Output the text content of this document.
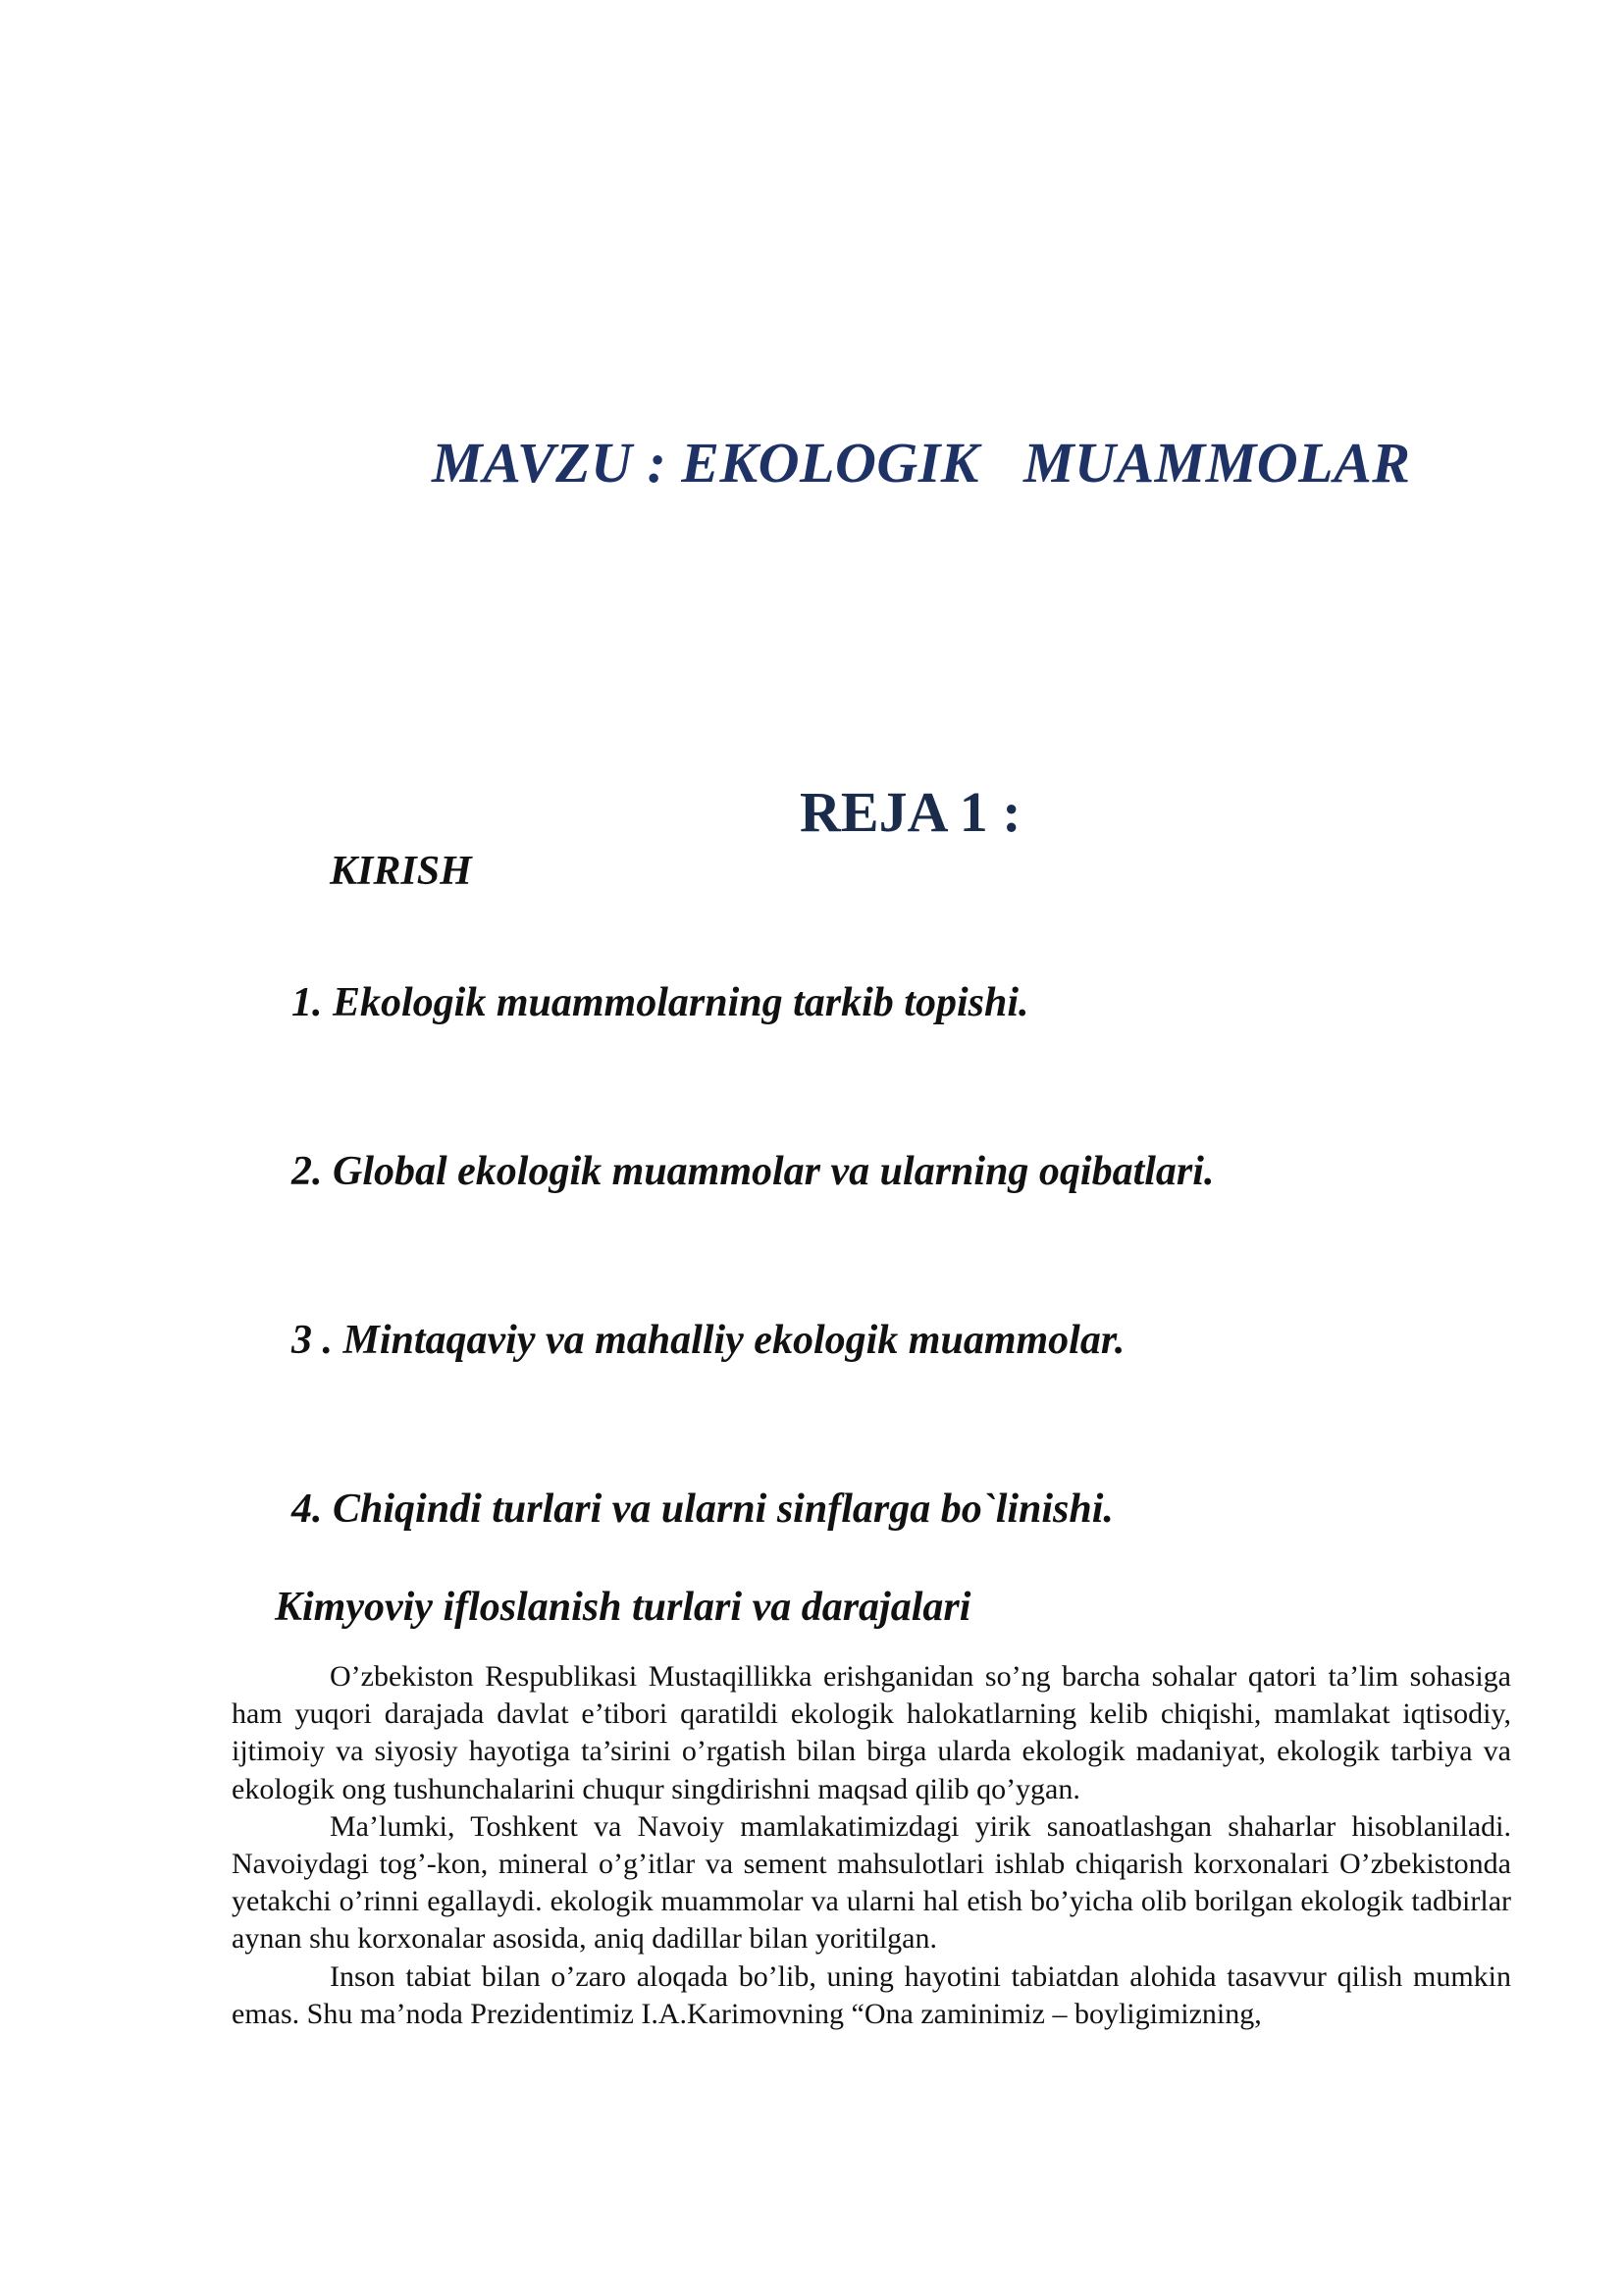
MAVZU : EKOLOGIK   MUAMMOLAR
REJA 1 :
KIRISH

1. Ekologik muammolarning tarkib topishi.

2. Global ekologik muammolar va ularning oqibatlari.

3 . Mintaqaviy va mahalliy ekologik muammolar.

4. Chiqindi turlari va ularni sinflarga bo`linishi.

Kimyoviy ifloslanish turlari va darajalari

O’zbekiston Respublikasi Mustaqillikka erishganidan so’ng barcha sohalar qatori ta’lim sohasiga ham yuqori darajada davlat e’tibori qaratildi ekologik halokatlarning kelib chiqishi, mamlakat iqtisodiy, ijtimoiy va siyosiy hayotiga ta’sirini o’rgatish bilan birga ularda ekologik madaniyat, ekologik tarbiya va ekologik ong tushunchalarini chuqur singdirishni maqsad qilib qo’ygan.

Ma’lumki, Toshkent va Navoiy mamlakatimizdagi yirik sanoatlashgan shaharlar hisoblaniladi. Navoiydagi tog’-kon, mineral o’g’itlar va sement mahsulotlari ishlab chiqarish korxonalari O’zbekistonda yetakchi o’rinni egallaydi. ekologik muammolar va ularni hal etish bo’yicha olib borilgan ekologik tadbirlar aynan shu korxonalar asosida, aniq dadillar bilan yoritilgan.

Inson tabiat bilan o’zaro aloqada bo’lib, uning hayotini tabiatdan alohida tasavvur qilish mumkin emas. Shu ma’noda Prezidentimiz I.A.Karimovning “Ona zaminimiz – boyligimizning,
